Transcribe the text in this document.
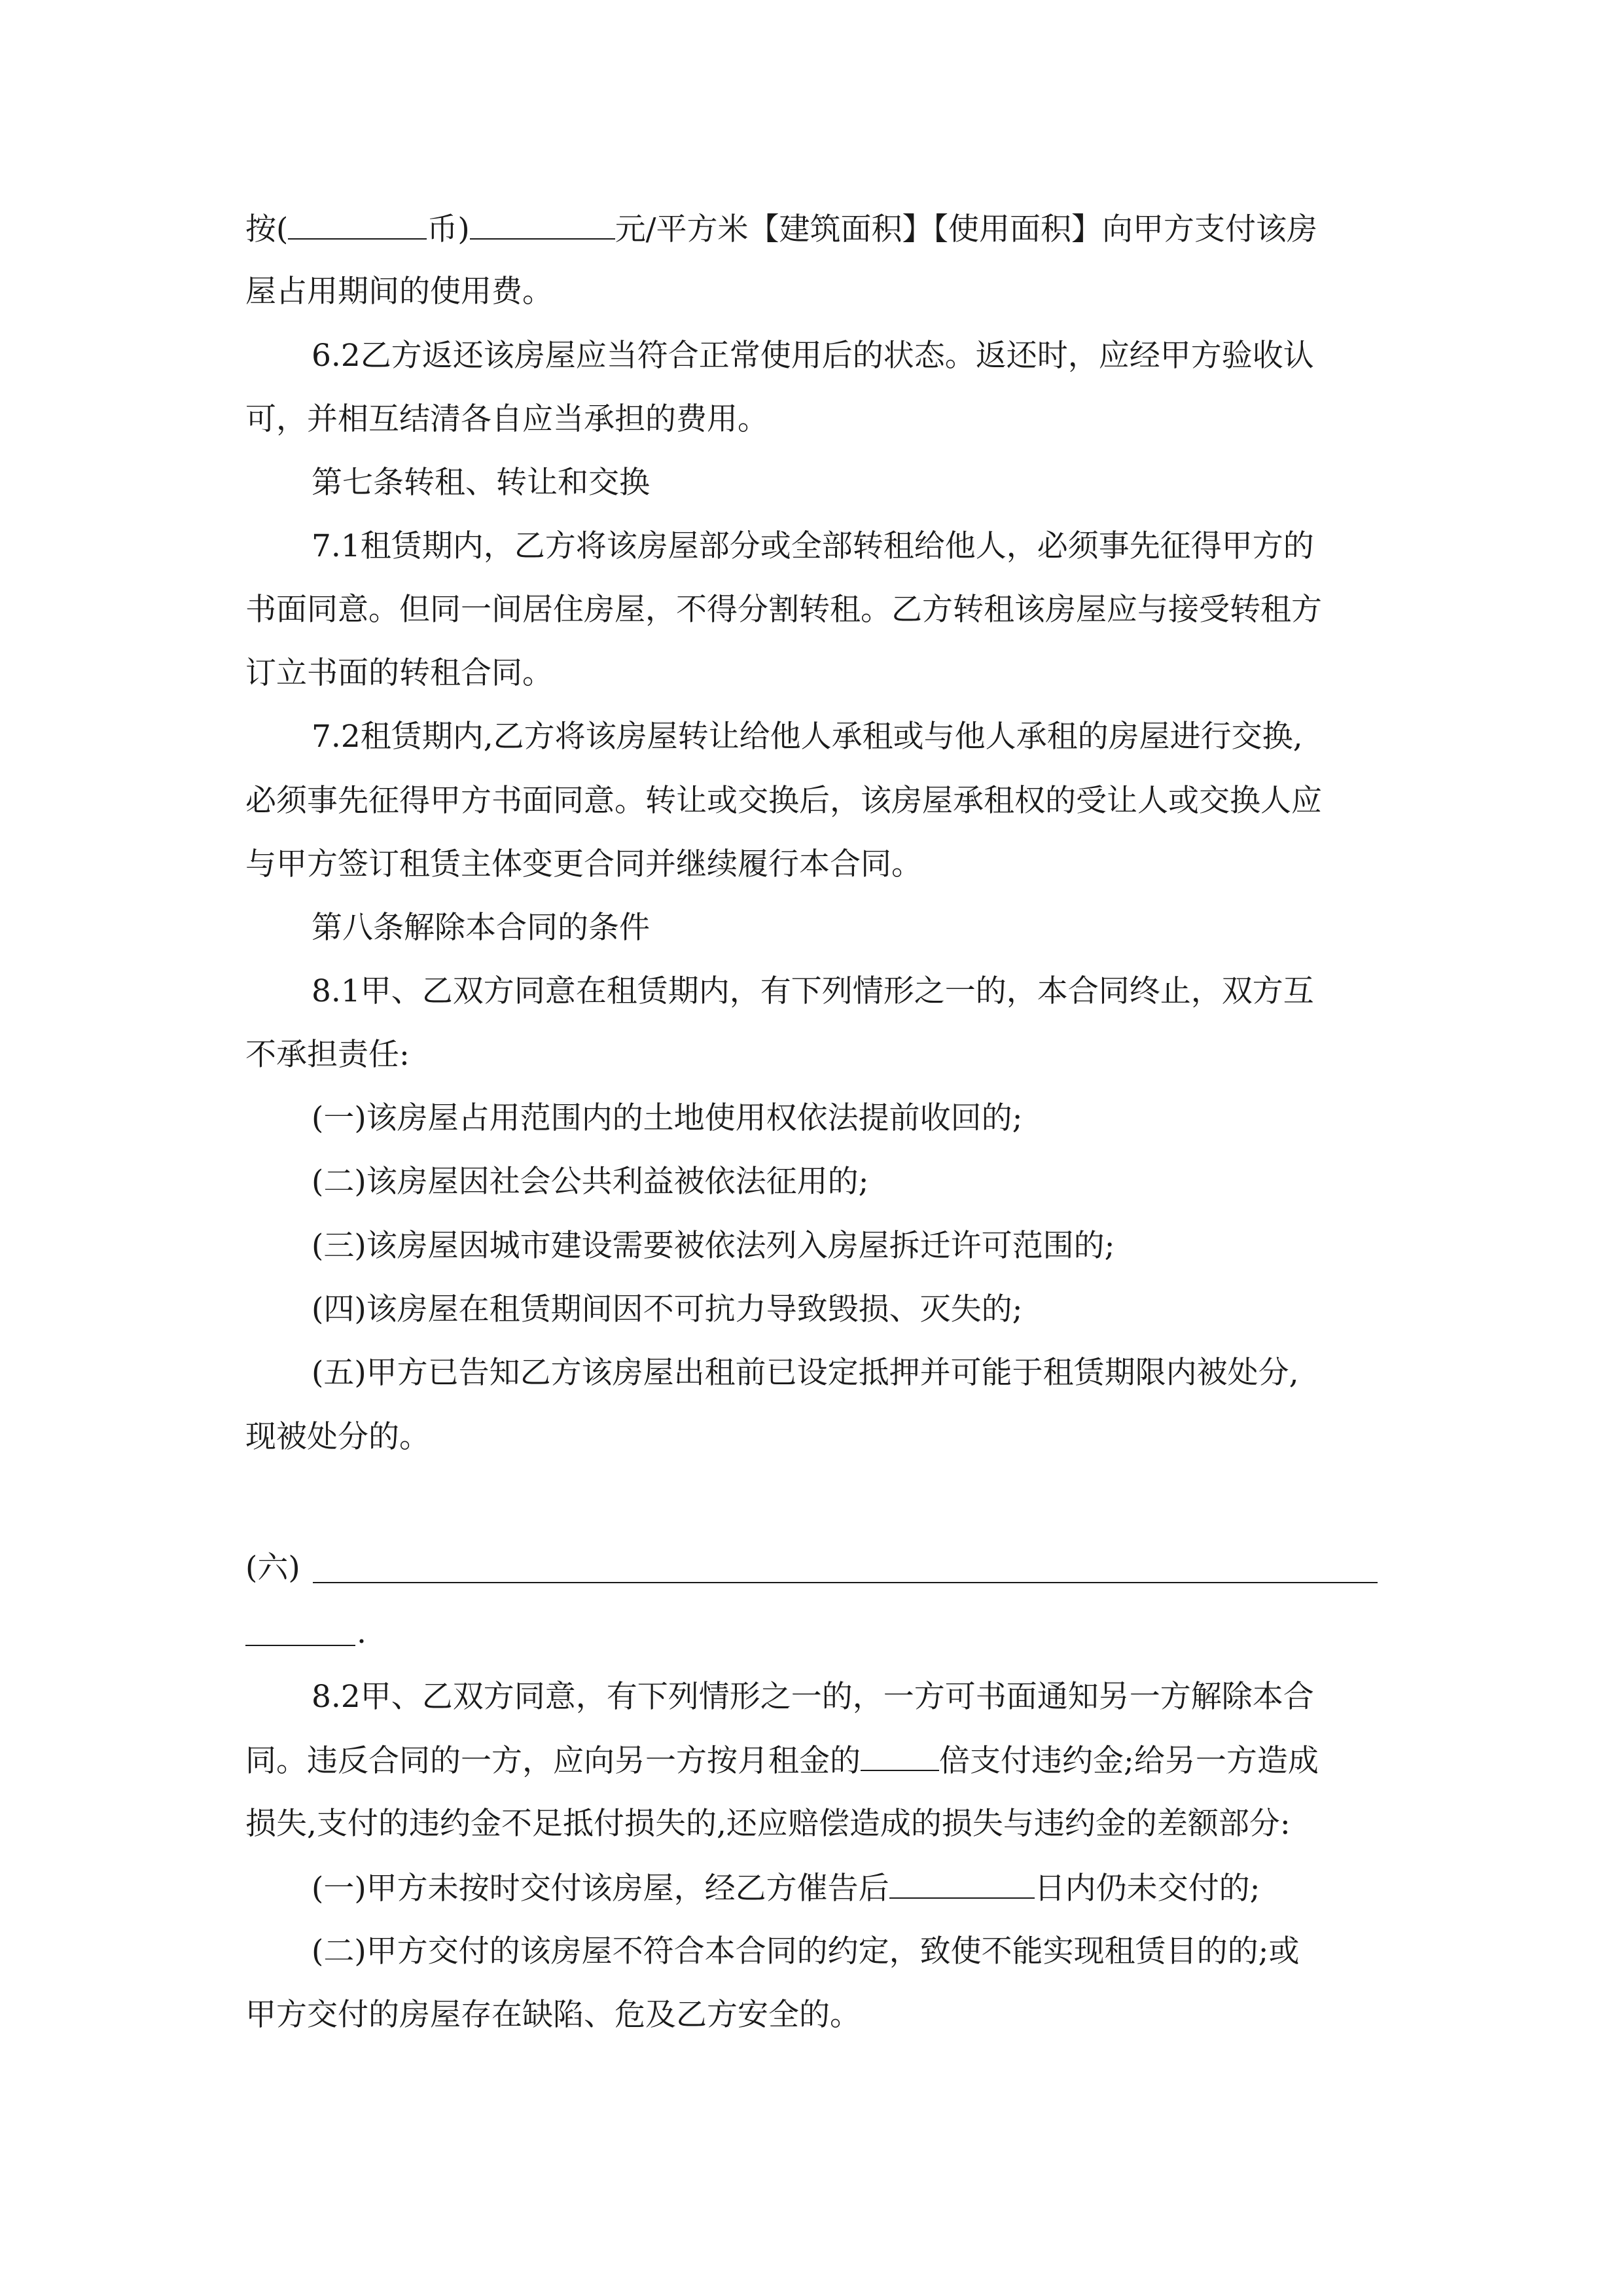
按(	币)	元/平方米【建筑面积】【使用面积】向甲方支付该房
屋占用期间的使用费。
6.2乙方返还该房屋应当符合正常使用后的状态。返还时，应经甲方验收认
可，并相互结清各自应当承担的费用。
第七条转租、转让和交换
7.1租赁期内，乙方将该房屋部分或全部转租给他人，必须事先征得甲方的
书面同意。但同一间居住房屋，不得分割转租。乙方转租该房屋应与接受转租方
订立书面的转租合同。
7.2租赁期内,乙方将该房屋转让给他人承租或与他人承租的房屋进行交换,
必须事先征得甲方书面同意。转让或交换后，该房屋承租权的受让人或交换人应
与甲方签订租赁主体变更合同并继续履行本合同。
第八条解除本合同的条件
8.1甲、乙双方同意在租赁期内，有下列情形之一的，本合同终止，双方互
不承担责任:
(一)该房屋占用范围内的土地使用权依法提前收回的;
(二)该房屋因社会公共利益被依法征用的;
(三)该房屋因城市建设需要被依法列入房屋拆迁许可范围的;
(四)该房屋在租赁期间因不可抗力导致毁损、灭失的;
(五)甲方已告知乙方该房屋出租前已设定抵押并可能于租赁期限内被处分,
现被处分的。
(六)
.
8.2甲、乙双方同意，有下列情形之一的，一方可书面通知另一方解除本合
同。违反合同的一方，应向另一方按月租金的	倍支付违约金;给另一方造成
损失,支付的违约金不足抵付损失的,还应赔偿造成的损失与违约金的差额部分:
(一)甲方未按时交付该房屋，经乙方催告后	日内仍未交付的;
(二)甲方交付的该房屋不符合本合同的约定，致使不能实现租赁目的的;或
甲方交付的房屋存在缺陷、危及乙方安全的。
